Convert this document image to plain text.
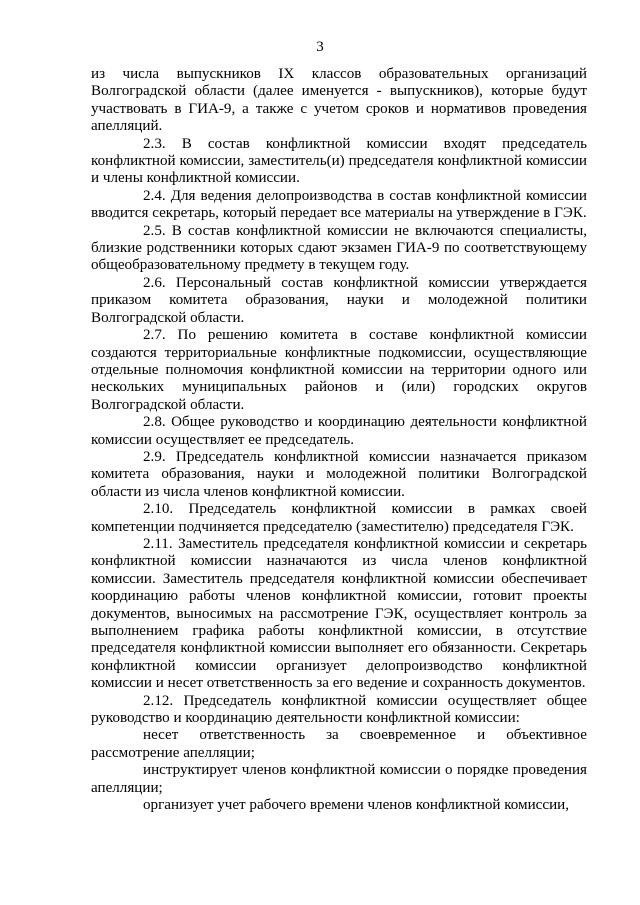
3

из числа выпускников IX классов образовательных организаций Волгоградской области (далее именуется - выпускников), которые будут участвовать в ГИА-9, а также с учетом сроков и нормативов проведения апелляций.

2.3. В состав конфликтной комиссии входят председатель конфликтной комиссии, заместитель(и) председателя конфликтной комиссии и члены конфликтной комиссии.

2.4. Для ведения делопроизводства в состав конфликтной комиссии вводится секретарь, который передает все материалы на утверждение в ГЭК.

2.5. В состав конфликтной комиссии не включаются специалисты, близкие родственники которых сдают экзамен ГИА-9 по соответствующему общеобразовательному предмету в текущем году.

2.6. Персональный состав конфликтной комиссии утверждается приказом комитета образования, науки и молодежной политики Волгоградской области.

2.7. По решению комитета в составе конфликтной комиссии создаются территориальные конфликтные подкомиссии, осуществляющие отдельные полномочия конфликтной комиссии на территории одного или нескольких муниципальных районов и (или) городских округов Волгоградской области.

2.8. Общее руководство и координацию деятельности конфликтной комиссии осуществляет ее председатель.

2.9. Председатель конфликтной комиссии назначается приказом комитета образования, науки и молодежной политики Волгоградской области из числа членов конфликтной комиссии.

2.10. Председатель конфликтной комиссии в рамках своей компетенции подчиняется председателю (заместителю) председателя ГЭК.

2.11. Заместитель председателя конфликтной комиссии и секретарь конфликтной комиссии назначаются из числа членов конфликтной комиссии. Заместитель председателя конфликтной комиссии обеспечивает координацию работы членов конфликтной комиссии, готовит проекты документов, выносимых на рассмотрение ГЭК, осуществляет контроль за выполнением графика работы конфликтной комиссии, в отсутствие председателя конфликтной комиссии выполняет его обязанности. Секретарь конфликтной комиссии организует делопроизводство конфликтной комиссии и несет ответственность за его ведение и сохранность документов.

2.12. Председатель конфликтной комиссии осуществляет общее руководство и координацию деятельности конфликтной комиссии:

несет ответственность за своевременное и объективное рассмотрение апелляции;

инструктирует членов конфликтной комиссии о порядке проведения апелляции;

организует учет рабочего времени членов конфликтной комиссии,
